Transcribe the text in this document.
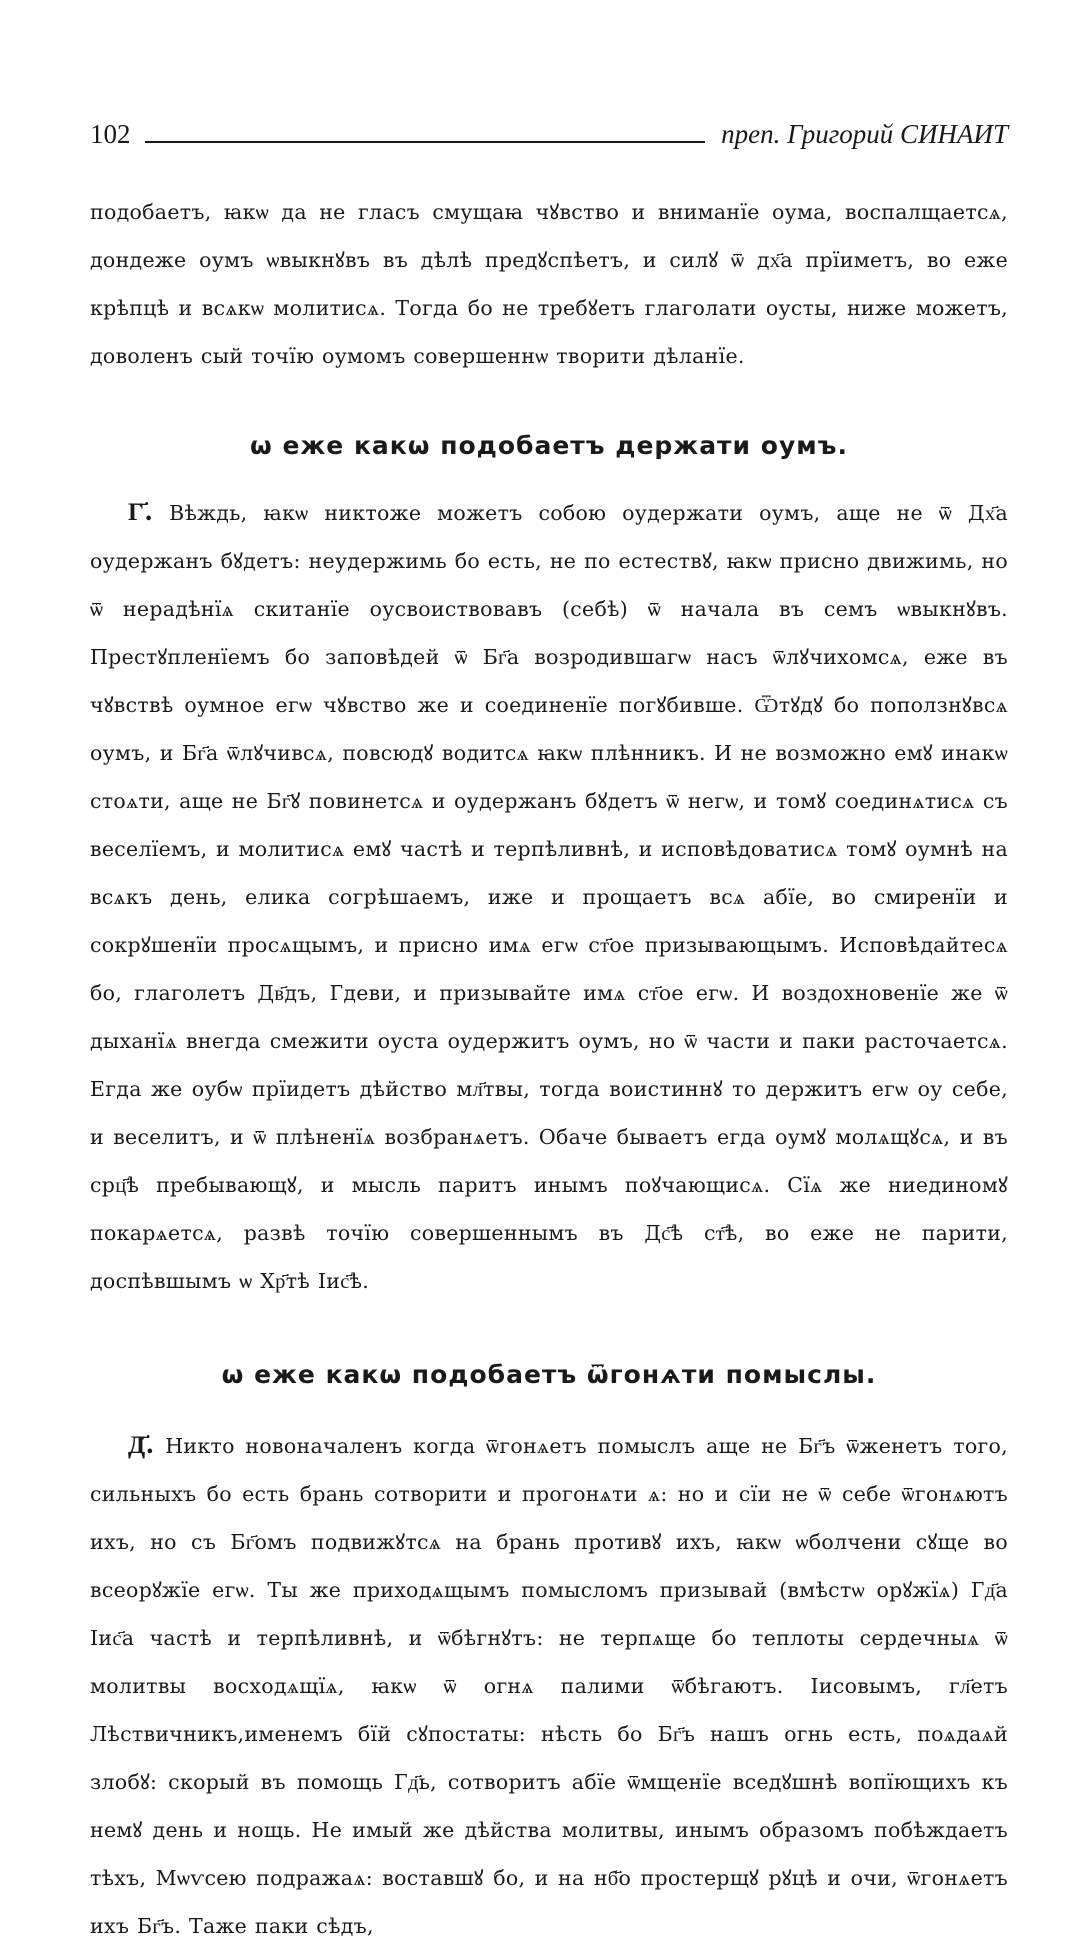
102	преп. Григорий СИНАИТ

подобаетъ, ꙗкѡ да не гласъ смущаꙗ чꙋвство и вниманїе оумa, воспалщаетсѧ, дондеже оумъ ѡвыкнꙋвъ въ дѣлѣ предꙋспѣетъ, и силꙋ ѿ дх҃а прїиметъ, во еже крѣпцѣ и всѧкѡ молитисѧ. Тогда бо не трeбꙋетъ глаголати оусты, ниже можетъ, доволенъ сый тoчїю оумомъ совершеннѡ творити дѣланїе.

ѡ еже какѡ подобаетъ держати оумъ.

Г҃. Вѣждь, ꙗкѡ никтоже можетъ собoю оудержати оумъ, аще не ѿ Дх҃а оудержанъ бꙋдетъ: неудержимь бо есть, не по естествꙋ, ꙗкѡ присно движимь, но ѿ нерадѣнїѧ скитанїе оусвоиствовавъ (себѣ) ѿ начала въ семъ ѡвыкнꙋвъ. Престꙋпленїемъ бо заповѣдей ѿ Бг҃а возродившагѡ насъ ѿлꙋчихомсѧ, еже въ чꙋвствѣ оумное егѡ чꙋвство же и соединенїе погꙋбивше. Ѿтꙋдꙋ бо поползнꙋвсѧ оумъ, и Бг҃а ѿлꙋчивсѧ, повсюдꙋ водитсѧ ꙗкѡ плѣнникъ. И не возможно емꙋ инакѡ стоѧти, аще не Бг҃ꙋ повинетсѧ и оудержанъ бꙋдетъ ѿ негѡ, и томꙋ соединѧтисѧ съ веселїемъ, и молитисѧ емꙋ частѣ и терпѣливнѣ, и исповѣдоватисѧ томꙋ оумнѣ на всѧкъ день, елика согрѣшаемъ, иже и прощаетъ всѧ абїе, во смиренїи и сокрꙋшенїи просѧщымъ, и присно имѧ егѡ ст҃ое призывающымъ. Исповѣдайтесѧ бо, глаголетъ Дв҃дъ, Гдеви, и призывайте имѧ ст҃ое егѡ. И воздохновенїе же ѿ дыханїѧ внегда смежити оуста оудержитъ оумъ, но ѿ части и паки расточаетсѧ. Егда же оубѡ прїидетъ дѣйство мл҃твы, тогда воистиннꙋ то держитъ егѡ оу себе, и веселитъ, и ѿ плѣненїѧ возбранѧетъ. Обаче бываетъ егда оумꙋ молѧщꙋсѧ, и въ срц҃ѣ пребывающꙋ, и мысль паритъ инымъ поꙋчающисѧ. Сїѧ же ниединомꙋ покарѧетсѧ, развѣ тoчїю совершеннымъ въ Дс҃ѣ ст҃ѣ, во еже не парити, доспѣвшымъ ѡ Хр҃тѣ Іис҃ѣ.

ѡ еже какѡ подобаетъ ѿгонѧти помыслы.

Д҃. Никто новоначаленъ когда ѿгонѧетъ помыслъ аще не Бг҃ъ ѿженетъ того, сильныхъ бо есть брань сотворити и прогонѧти ѧ: но и сїи не ѿ себе ѿгонѧютъ ихъ, но съ Бг҃омъ подвижꙋтсѧ на брань противꙋ ихъ, ꙗкѡ ѡболчени сꙋще во всеорꙋжїе егѡ. Ты же приходѧщымъ помысломъ призывай (вмѣстѡ орꙋжїѧ) Гд҃а Іис҃а частѣ и терпѣливнѣ, и ѿбѣгнꙋтъ: не терпѧще бо теплоты сердечныѧ ѿ молитвы восходѧщїѧ, ꙗкѡ ѿ огнѧ палими ѿбѣгаютъ. Іисовымъ, гл҃етъ Лѣствичникъ,именемъ бїй сꙋпостаты: нѣсть бо Бг҃ъ нашъ огнь есть, поѧдаѧй злобꙋ: скорый въ помощь Гд҃ь, сотворитъ абїе ѿмщенїе вседꙋшнѣ вопїющихъ къ немꙋ день и нощь. Не имый же дѣйства молитвы, инымъ образомъ побѣждаетъ тѣхъ, Мѡѵсею подражаѧ: воставшꙋ бо, и на нб҃о простерщꙋ рꙋцѣ и очи, ѿгонѧетъ ихъ Бг҃ъ. Таже паки сѣдъ,
